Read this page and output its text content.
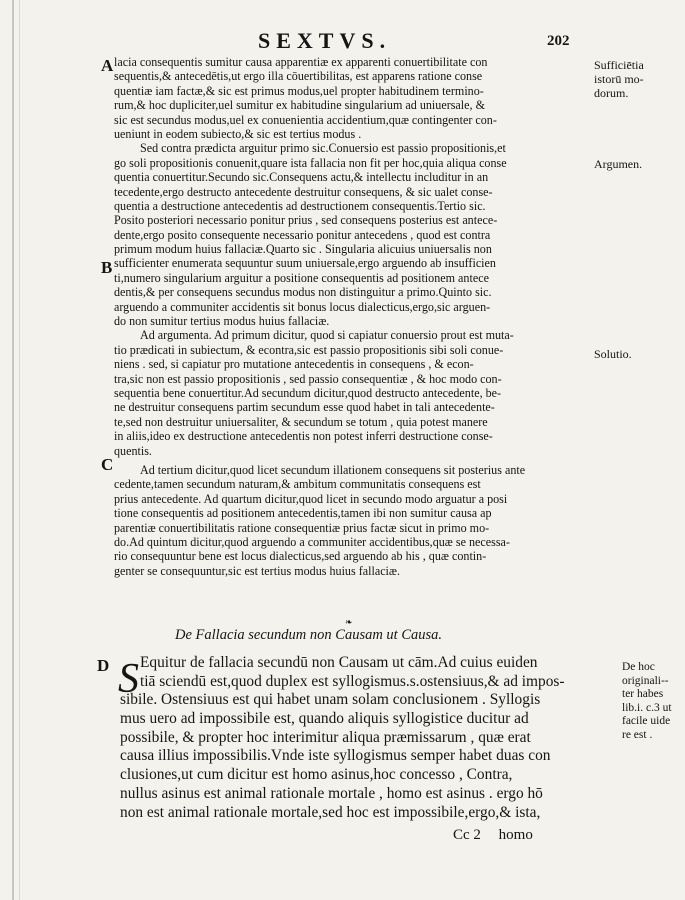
SEXTVS.	202
A
B
C
D
Sufficiētia
istorū mo-
dorum.
Argumen.
Solutio.
lacia consequentis sumitur causa apparentiæ ex apparenti conuertibilitate con
sequentis,& antecedētis,ut ergo illa cōuertibilitas, est apparens ratione conse
quentiæ iam factæ,& sic est primus modus,uel propter habitudinem termino-
rum,& hoc dupliciter,uel sumitur ex habitudine singularium ad uniuersale, &
sic est secundus modus,uel ex conuenientia accidentium,quæ contingenter con-
ueniunt in eodem subiecto,& sic est tertius modus .
Sed contra prædicta arguitur primo sic.Conuersio est passio propositionis,et
go soli propositionis conuenit,quare ista fallacia non fit per hoc,quia aliqua conse
quentia conuertitur.Secundo sic.Consequens actu,& intellectu includitur in an
tecedente,ergo destructo antecedente destruitur consequens, & sic ualet conse-
quentia a destructione antecedentis ad destructionem consequentis.Tertio sic.
Posito posteriori necessario ponitur prius , sed consequens posterius est antece-
dente,ergo posito consequente necessario ponitur antecedens , quod est contra
primum modum huius fallaciæ.Quarto sic . Singularia alicuius uniuersalis non
sufficienter enumerata sequuntur suum uniuersale,ergo arguendo ab insufficien
ti,numero singularium arguitur a positione consequentis ad positionem antece
dentis,& per consequens secundus modus non distinguitur a primo.Quinto sic.
arguendo a communiter accidentis sit bonus locus dialecticus,ergo,sic arguen-
do non sumitur tertius modus huius fallaciæ.
Ad argumenta. Ad primum dicitur, quod si capiatur conuersio prout est muta-
tio prædicati in subiectum, & econtra,sic est passio propositionis sibi soli conue-
niens . sed, si capiatur pro mutatione antecedentis in consequens , & econ-
tra,sic non est passio propositionis , sed passio consequentiæ , & hoc modo con-
sequentia bene conuertitur.Ad secundum dicitur,quod destructo antecedente, be-
ne destruitur consequens partim secundum esse quod habet in tali antecedente-
te,sed non destruitur uniuersaliter, & secundum se totum , quia potest manere
in aliis,ideo ex destructione antecedentis non potest inferri destructione conse-
quentis.
Ad tertium dicitur,quod licet secundum illationem consequens sit posterius ante
cedente,tamen secundum naturam,& ambitum communitatis consequens est
prius antecedente. Ad quartum dicitur,quod licet in secundo modo arguatur a posi
tione consequentis ad positionem antecedentis,tamen ibi non sumitur causa ap
parentiæ conuertibilitatis ratione consequentiæ prius factæ sicut in primo mo-
do.Ad quintum dicitur,quod arguendo a communiter accidentibus,quæ se necessa-
rio consequuntur bene est locus dialecticus,sed arguendo ab his , quæ contin-
genter se consequuntur,sic est tertius modus huius fallaciæ.
❧
De Fallacia secundum non Causam ut Causa.
S Equitur de fallacia secundū non Causam ut cām.Ad cuius euiden
tiā sciendū est,quod duplex est syllogismus.s.ostensiuus,& ad impos-
sibile. Ostensiuus est qui habet unam solam conclusionem . Syllogis
mus uero ad impossibile est, quando aliquis syllogistice ducitur ad
possibile, & propter hoc interimitur aliqua præmissarum , quæ erat
causa illius impossibilis.Vnde iste syllogismus semper habet duas con
clusiones,ut cum dicitur est homo asinus,hoc concesso , Contra,
nullus asinus est animal rationale mortale , homo est asinus . ergo hō
non est animal rationale mortale,sed hoc est impossibile,ergo,& ista,
De hoc
originali--
ter habes
lib.i. c.3 ut
facile uide
re est .
Cc 2 homo
